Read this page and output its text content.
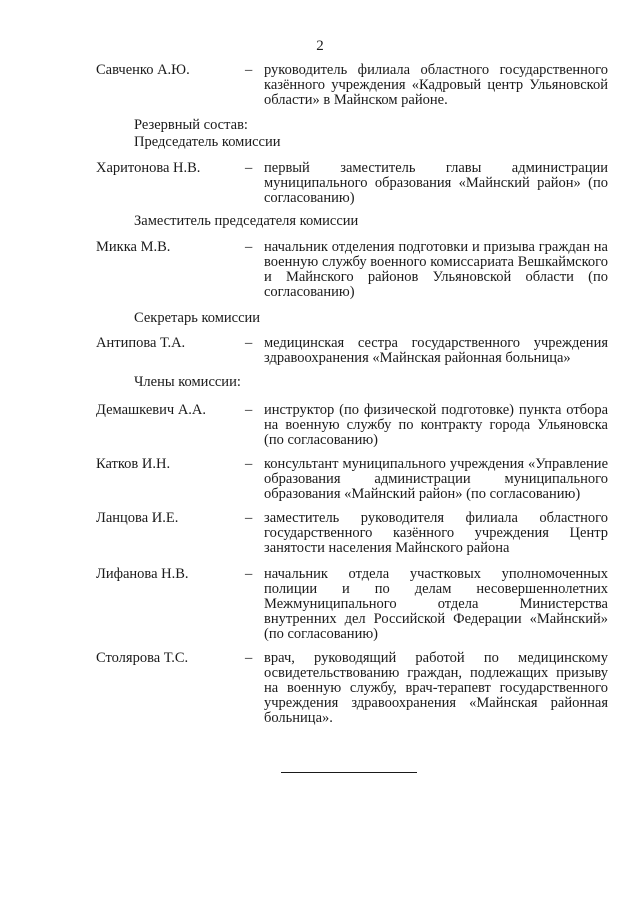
2
Савченко А.Ю.	– руководитель филиала областного государственного казённого учреждения «Кадровый центр Ульяновской области» в Майнском районе.
Резервный состав:
Председатель комиссии
Харитонова Н.В.	– первый заместитель главы администрации муниципального образования «Майнский район» (по согласованию)
Заместитель председателя комиссии
Микка М.В.	– начальник отделения подготовки и призыва граждан на военную службу военного комиссариата Вешкаймского и Майнского районов Ульяновской области (по согласованию)
Секретарь комиссии
Антипова Т.А.	– медицинская сестра государственного учреждения здравоохранения «Майнская районная больница»
Члены комиссии:
Демашкевич А.А.	– инструктор (по физической подготовке) пункта отбора на военную службу по контракту города Ульяновска (по согласованию)
Катков И.Н.	– консультант муниципального учреждения «Управление образования администрации муниципального образования «Майнский район» (по согласованию)
Ланцова И.Е.	– заместитель руководителя филиала областного государственного казённого учреждения Центр занятости населения Майнского района
Лифанова Н.В.	– начальник отдела участковых уполномоченных полиции и по делам несовершеннолетних Межмуниципального отдела Министерства внутренних дел Российской Федерации «Майнский» (по согласованию)
Столярова Т.С.	– врач, руководящий работой по медицинскому освидетельствованию граждан, подлежащих призыву на военную службу, врач-терапевт государственного учреждения здравоохранения «Майнская районная больница».
